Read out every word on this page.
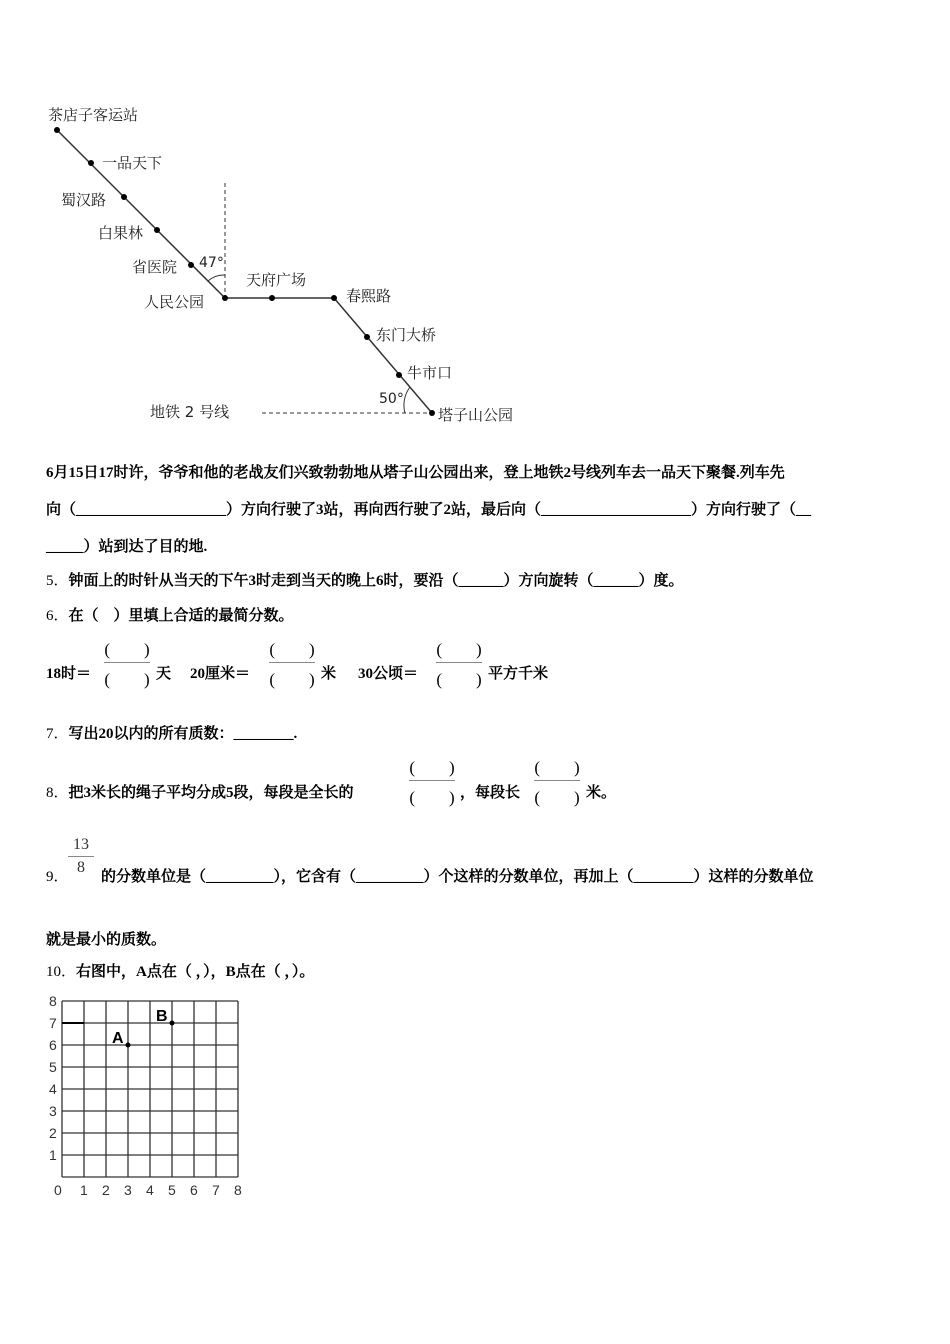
茶店子客运站
一品天下
蜀汉路
白果林
省医院
人民公园
天府广场
春熙路
东门大桥
牛市口
塔子山公园
47°
50°
地铁 2 号线
6月15日17时许，爷爷和他的老战友们兴致勃勃地从塔子山公园出来，登上地铁2号线列车去一品天下聚餐.列车先
向（____________________）方向行驶了3站，再向西行驶了2站，最后向（____________________）方向行驶了（__
_____）站到达了目的地.
5．钟面上的时针从当天的下午3时走到当天的晚上6时，要沿（______）方向旋转（______）度。
6．在（　）里填上合适的最简分数。
18时＝
(　　)
(　　) 天 20厘米＝
(　　)
(　　) 米 30公顷＝
(　　)
(　　) 平方千米
7．写出20以内的所有质数：________.
8．把3米长的绳子平均分成5段，每段是全长的
(　　)
(　　) ，每段长
(　　)
(　　) 米。
9．
13
8
的分数单位是（_________），它含有（_________）个这样的分数单位，再加上（________）这样的分数单位
就是最小的质数。
10．右图中，A点在（ ，），B点在（ ，）。
0 1 2 3 4 5 6 7 8
1
2
3
4
5
6
7
8
A
B
